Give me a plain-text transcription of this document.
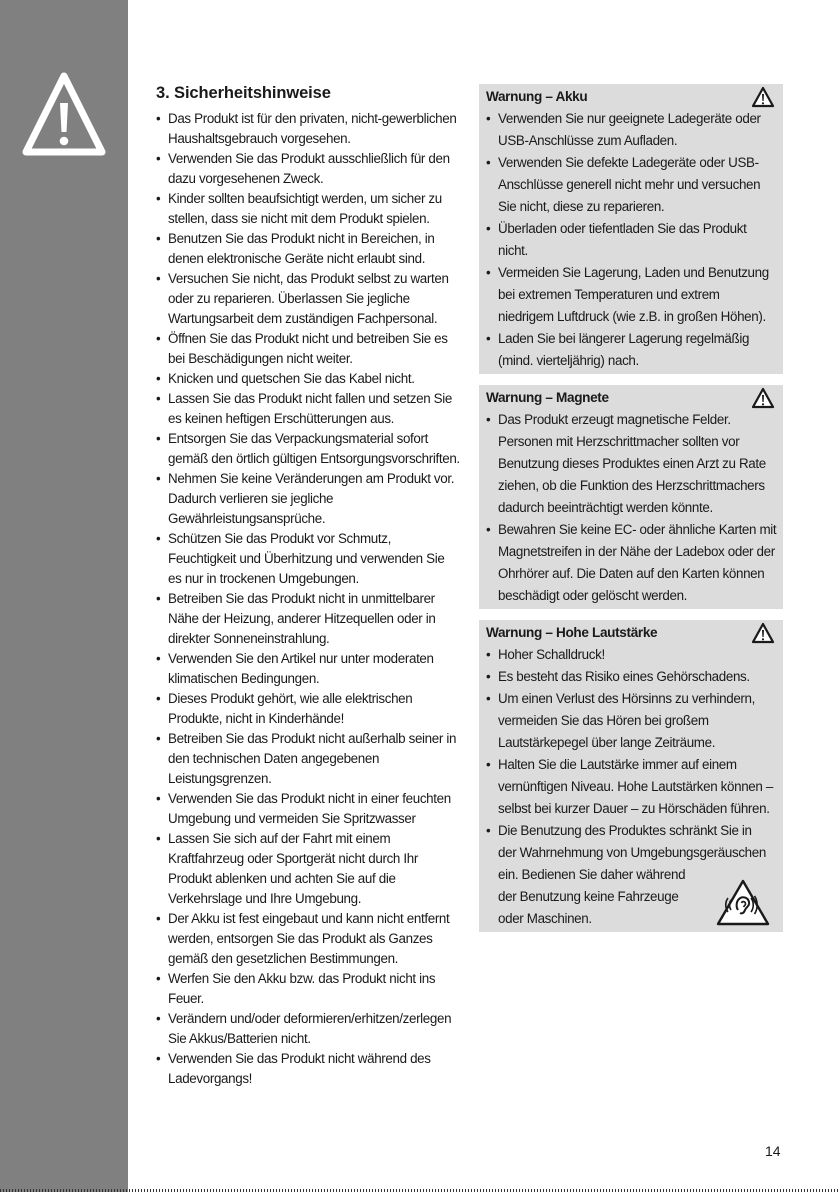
3. Sicherheitshinweise
• Das Produkt ist für den privaten, nicht-gewerblichen Haushaltsgebrauch vorgesehen.
• Verwenden Sie das Produkt ausschließlich für den dazu vorgesehenen Zweck.
• Kinder sollten beaufsichtigt werden, um sicher zu stellen, dass sie nicht mit dem Produkt spielen.
• Benutzen Sie das Produkt nicht in Bereichen, in denen elektronische Geräte nicht erlaubt sind.
• Versuchen Sie nicht, das Produkt selbst zu warten oder zu reparieren. Überlassen Sie jegliche Wartungsarbeit dem zuständigen Fachpersonal.
• Öffnen Sie das Produkt nicht und betreiben Sie es bei Beschädigungen nicht weiter.
• Knicken und quetschen Sie das Kabel nicht.
• Lassen Sie das Produkt nicht fallen und setzen Sie es keinen heftigen Erschütterungen aus.
• Entsorgen Sie das Verpackungsmaterial sofort gemäß den örtlich gültigen Entsorgungsvorschriften.
• Nehmen Sie keine Veränderungen am Produkt vor. Dadurch verlieren sie jegliche Gewährleistungsansprüche.
• Schützen Sie das Produkt vor Schmutz, Feuchtigkeit und Überhitzung und verwenden Sie es nur in trockenen Umgebungen.
• Betreiben Sie das Produkt nicht in unmittelbarer Nähe der Heizung, anderer Hitzequellen oder in direkter Sonneneinstrahlung.
• Verwenden Sie den Artikel nur unter moderaten klimatischen Bedingungen.
• Dieses Produkt gehört, wie alle elektrischen Produkte, nicht in Kinderhände!
• Betreiben Sie das Produkt nicht außerhalb seiner in den technischen Daten angegebenen Leistungsgrenzen.
• Verwenden Sie das Produkt nicht in einer feuchten Umgebung und vermeiden Sie Spritzwasser
• Lassen Sie sich auf der Fahrt mit einem Kraftfahrzeug oder Sportgerät nicht durch Ihr Produkt ablenken und achten Sie auf die Verkehrslage und Ihre Umgebung.
• Der Akku ist fest eingebaut und kann nicht entfernt werden, entsorgen Sie das Produkt als Ganzes gemäß den gesetzlichen Bestimmungen.
• Werfen Sie den Akku bzw. das Produkt nicht ins Feuer.
• Verändern und/oder deformieren/erhitzen/zerlegen Sie Akkus/Batterien nicht.
• Verwenden Sie das Produkt nicht während des Ladevorgangs!
Warnung – Akku
• Verwenden Sie nur geeignete Ladegeräte oder USB-Anschlüsse zum Aufladen.
• Verwenden Sie defekte Ladegeräte oder USB-Anschlüsse generell nicht mehr und versuchen Sie nicht, diese zu reparieren.
• Überladen oder tiefentladen Sie das Produkt nicht.
• Vermeiden Sie Lagerung, Laden und Benutzung bei extremen Temperaturen und extrem niedrigem Luftdruck (wie z.B. in großen Höhen).
• Laden Sie bei längerer Lagerung regelmäßig (mind. vierteljährig) nach.
Warnung – Magnete
• Das Produkt erzeugt magnetische Felder. Personen mit Herzschrittmacher sollten vor Benutzung dieses Produktes einen Arzt zu Rate ziehen, ob die Funktion des Herzschrittmachers dadurch beeinträchtigt werden könnte.
• Bewahren Sie keine EC- oder ähnliche Karten mit Magnetstreifen in der Nähe der Ladebox oder der Ohrhörer auf. Die Daten auf den Karten können beschädigt oder gelöscht werden.
Warnung – Hohe Lautstärke
• Hoher Schalldruck!
• Es besteht das Risiko eines Gehörschadens.
• Um einen Verlust des Hörsinns zu verhindern, vermeiden Sie das Hören bei großem Lautstärkepegel über lange Zeiträume.
• Halten Sie die Lautstärke immer auf einem vernünftigen Niveau. Hohe Lautstärken können – selbst bei kurzer Dauer – zu Hörschäden führen.
• Die Benutzung des Produktes schränkt Sie in
der Wahrnehmung von Umgebungsgeräuschen
ein. Bedienen Sie daher während
der Benutzung keine Fahrzeuge
oder Maschinen.
14
